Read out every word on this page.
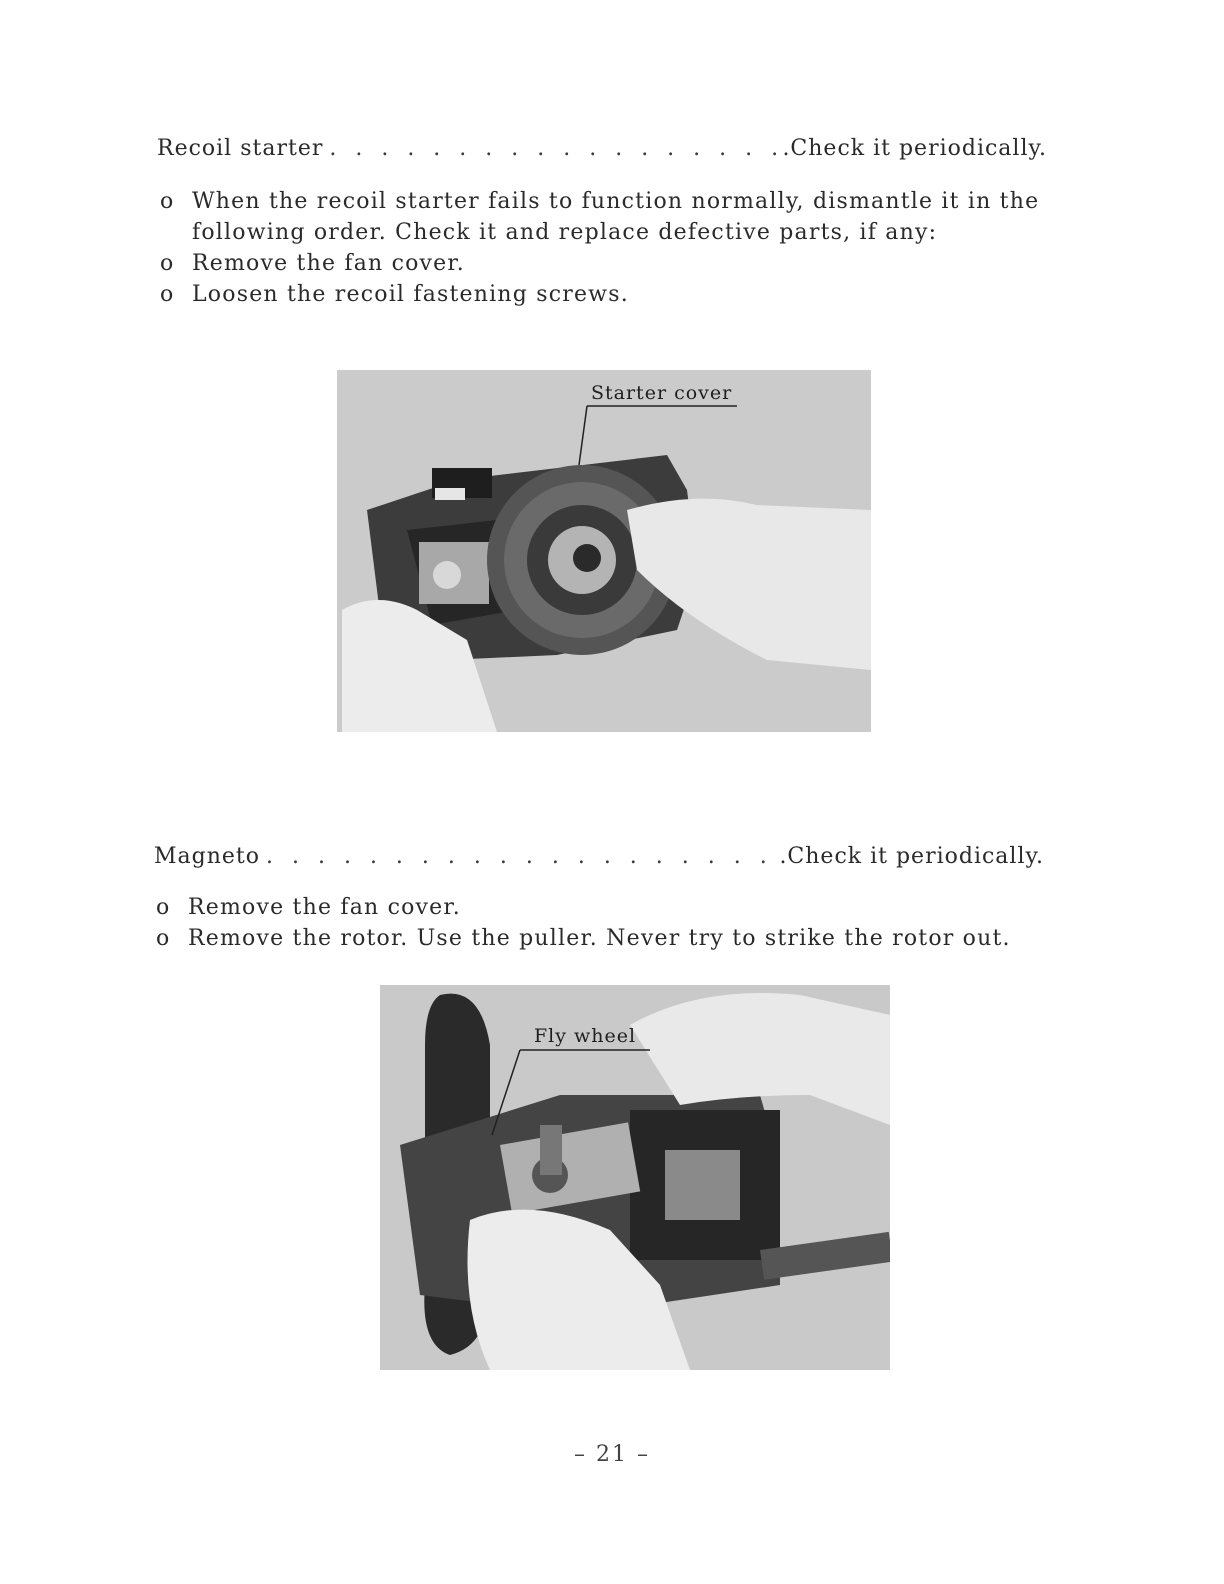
Recoil starter . . .	.Check it periodically.
o When the recoil starter fails to function normally, dismantle it in the following order. Check it and replace defective parts, if any:
o Remove the fan cover.
o Loosen the recoil fastening screws.
Starter cover
Magneto . . .	.Check it periodically.
o Remove the fan cover.
o Remove the rotor. Use the puller. Never try to strike the rotor out.
Fly wheel
– 21 –
